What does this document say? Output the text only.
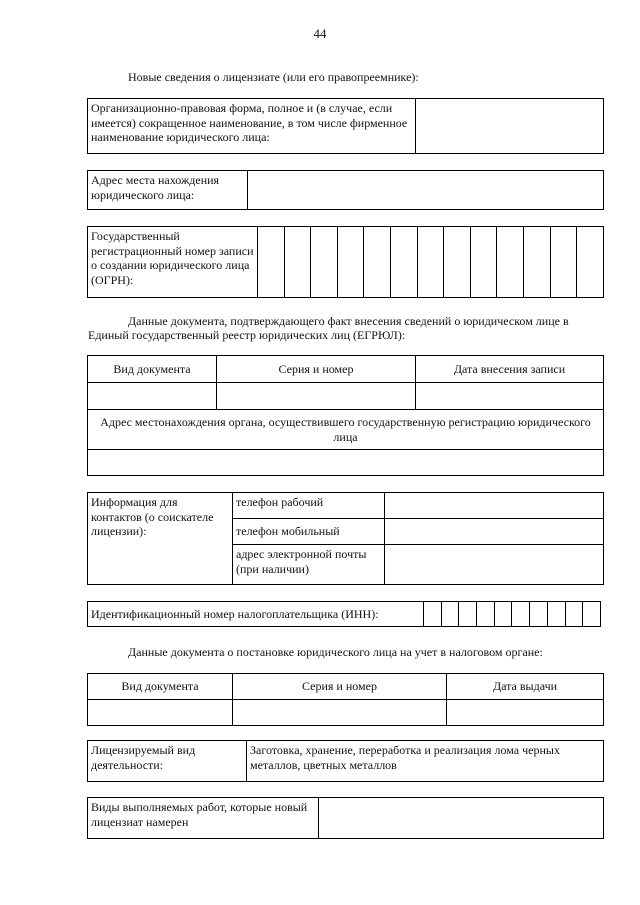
44
Новые сведения о лицензиате (или его правопреемнике):
Организационно-правовая форма, полное и (в случае, если имеется) сокращенное наименование, в том числе фирменное наименование юридического лица:	
Адрес места нахождения юридического лица:	
Государственный регистрационный номер записи о создании юридического лица (ОГРН):													
Данные документа, подтверждающего факт внесения сведений о юридическом лице в Единый государственный реестр юридических лиц (ЕГРЮЛ):
Вид документа	Серия и номер	Дата внесения записи

Адрес местонахождения органа, осуществившего государственную регистрацию юридического лица		

Информация для контактов (о соискателе лицензии):	телефон рабочий	
	телефон мобильный	
	адрес электронной почты (при наличии)	
Идентификационный номер налогоплательщика (ИНН):										
Данные документа о постановке юридического лица на учет в налоговом органе:
Вид документа	Серия и номер	Дата выдачи

Лицензируемый вид деятельности:	Заготовка, хранение, переработка и реализация лома черных металлов, цветных металлов
Виды выполняемых работ, которые новый лицензиат намерен	
